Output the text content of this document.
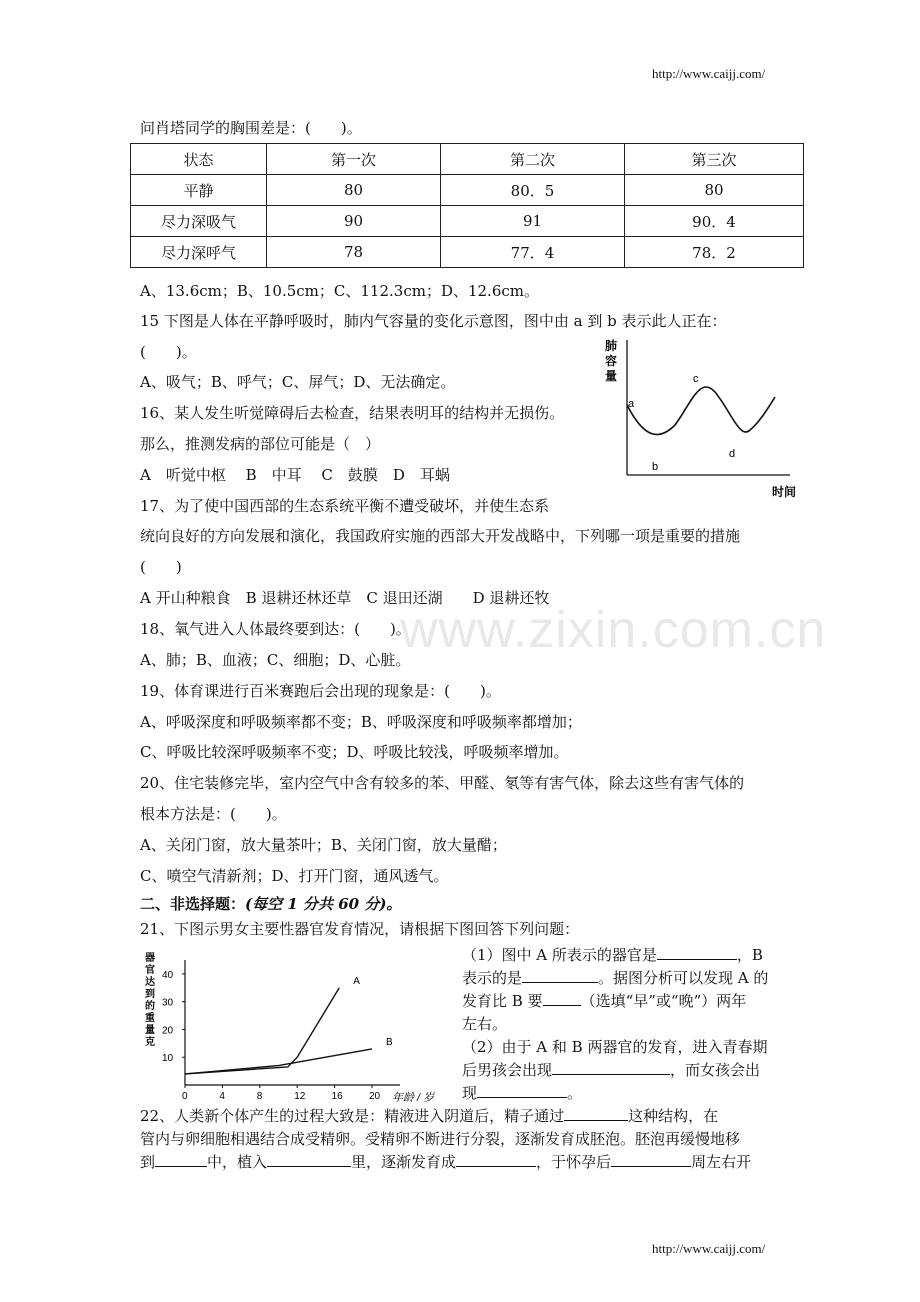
http://www.caijj.com/
www.zixin.com.cn
问肖塔同学的胸围差是：(　　)。
状态	第一次	第二次	第三次
平静	80	80．5	80
尽力深吸气	90	91	90．4
尽力深呼气	78	77．4	78．2
A、13.6cm；B、10.5cm；C、112.3cm；D、12.6cm。
15 下图是人体在平静呼吸时，肺内气容量的变化示意图，图中由 a 到 b 表示此人正在：
(　　)。
A、吸气；B、呼气；C、屏气；D、无法确定。
16、某人发生听觉障碍后去检查，结果表明耳的结构并无损伤。
那么，推测发病的部位可能是（　）
A　听觉中枢　 B　中耳　 C　鼓膜　D　耳蜗
17、为了使中国西部的生态系统平衡不遭受破坏，并使生态系
统向良好的方向发展和演化，我国政府实施的西部大开发战略中，下列哪一项是重要的措施
(　　)
A 开山种粮食　B 退耕还林还草　C 退田还湖　　D 退耕还牧
18、氧气进入人体最终要到达：(　　)。
A、肺；B、血液；C、细胞；D、心脏。
19、体育课进行百米赛跑后会出现的现象是：(　　)。
A、呼吸深度和呼吸频率都不变；B、呼吸深度和呼吸频率都增加；
C、呼吸比较深呼吸频率不变；D、呼吸比较浅，呼吸频率增加。
20、住宅装修完毕，室内空气中含有较多的苯、甲醛、氡等有害气体，除去这些有害气体的
根本方法是：(　　)。
A、关闭门窗，放大量茶叶；B、关闭门窗，放大量醋；
C、喷空气清新剂；D、打开门窗，通风透气。
二、非选择题：(每空 1 分共 60 分)。
21、下图示男女主要性器官发育情况，请根据下图回答下列问题：
（1）图中 A 所表示的器官是	，B
表示的是	。据图分析可以发现 A 的
发育比 B 要	（选填“早”或“晚”）两年
左右。
（2）由于 A 和 B 两器官的发育，进入青春期
后男孩会出现	，而女孩会出
现	。
22、人类新个体产生的过程大致是：精液进入阴道后，精子通过	这种结构，在
管内与卵细胞相遇结合成受精卵。受精卵不断进行分裂，逐渐发育成胚泡。胚泡再缓慢地移
到	中，植入	里，逐渐发育成	，于怀孕后	周左右开
http://www.caijj.com/
肺
容
量
a
b
c
d
时间
器
官
达
到
的
重
量
克
40
30
20
10
0	4	8	12	16	20
A
B
年龄 / 岁
